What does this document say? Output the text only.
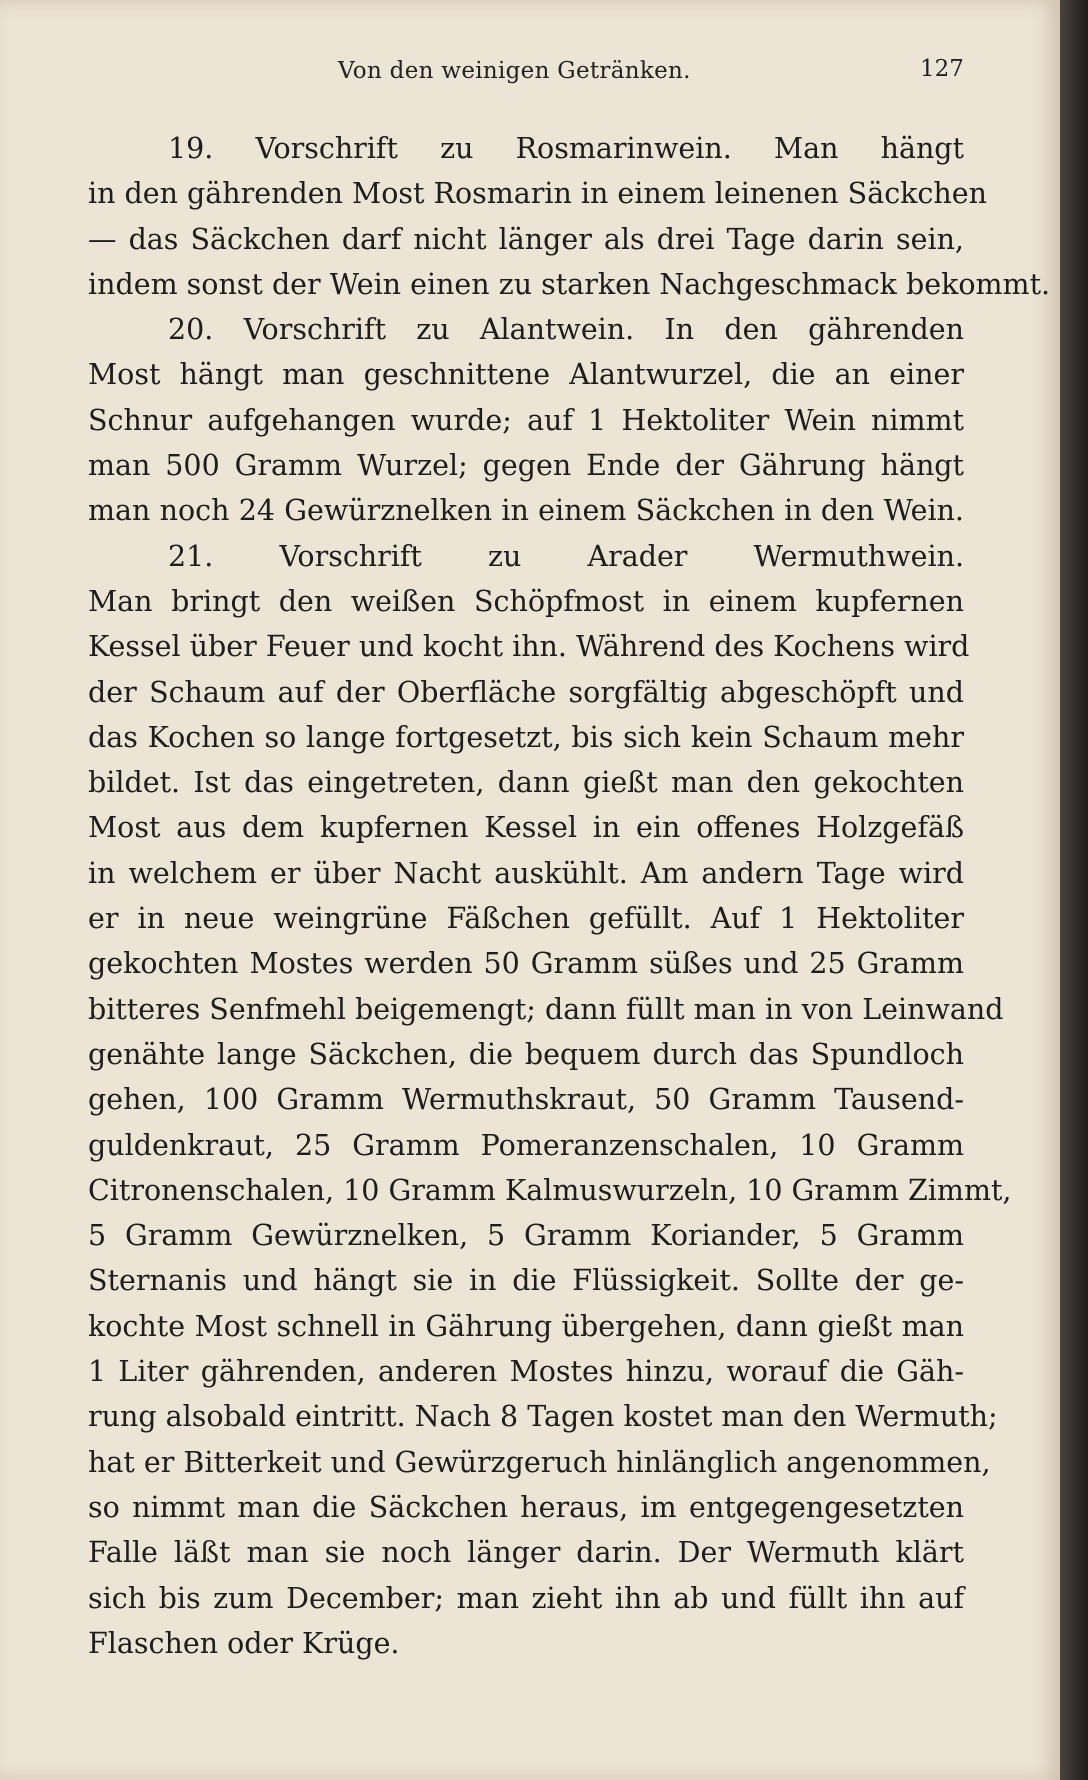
Von den weinigen Getränken.	127
19. Vorschrift zu Rosmarinwein. Man hängt
in den gährenden Most Rosmarin in einem leinenen Säckchen
— das Säckchen darf nicht länger als drei Tage darin sein,
indem sonst der Wein einen zu starken Nachgeschmack bekommt.
20. Vorschrift zu Alantwein. In den gährenden
Most hängt man geschnittene Alantwurzel, die an einer
Schnur aufgehangen wurde; auf 1 Hektoliter Wein nimmt
man 500 Gramm Wurzel; gegen Ende der Gährung hängt
man noch 24 Gewürznelken in einem Säckchen in den Wein.
21. Vorschrift zu Arader Wermuthwein.
Man bringt den weißen Schöpfmost in einem kupfernen
Kessel über Feuer und kocht ihn. Während des Kochens wird
der Schaum auf der Oberfläche sorgfältig abgeschöpft und
das Kochen so lange fortgesetzt, bis sich kein Schaum mehr
bildet. Ist das eingetreten, dann gießt man den gekochten
Most aus dem kupfernen Kessel in ein offenes Holzgefäß
in welchem er über Nacht auskühlt. Am andern Tage wird
er in neue weingrüne Fäßchen gefüllt. Auf 1 Hektoliter
gekochten Mostes werden 50 Gramm süßes und 25 Gramm
bitteres Senfmehl beigemengt; dann füllt man in von Leinwand
genähte lange Säckchen, die bequem durch das Spundloch
gehen, 100 Gramm Wermuthskraut, 50 Gramm Tausend-
guldenkraut, 25 Gramm Pomeranzenschalen, 10 Gramm
Citronenschalen, 10 Gramm Kalmuswurzeln, 10 Gramm Zimmt,
5 Gramm Gewürznelken, 5 Gramm Koriander, 5 Gramm
Sternanis und hängt sie in die Flüssigkeit. Sollte der ge-
kochte Most schnell in Gährung übergehen, dann gießt man
1 Liter gährenden, anderen Mostes hinzu, worauf die Gäh-
rung alsobald eintritt. Nach 8 Tagen kostet man den Wermuth;
hat er Bitterkeit und Gewürzgeruch hinlänglich angenommen,
so nimmt man die Säckchen heraus, im entgegengesetzten
Falle läßt man sie noch länger darin. Der Wermuth klärt
sich bis zum December; man zieht ihn ab und füllt ihn auf
Flaschen oder Krüge.
